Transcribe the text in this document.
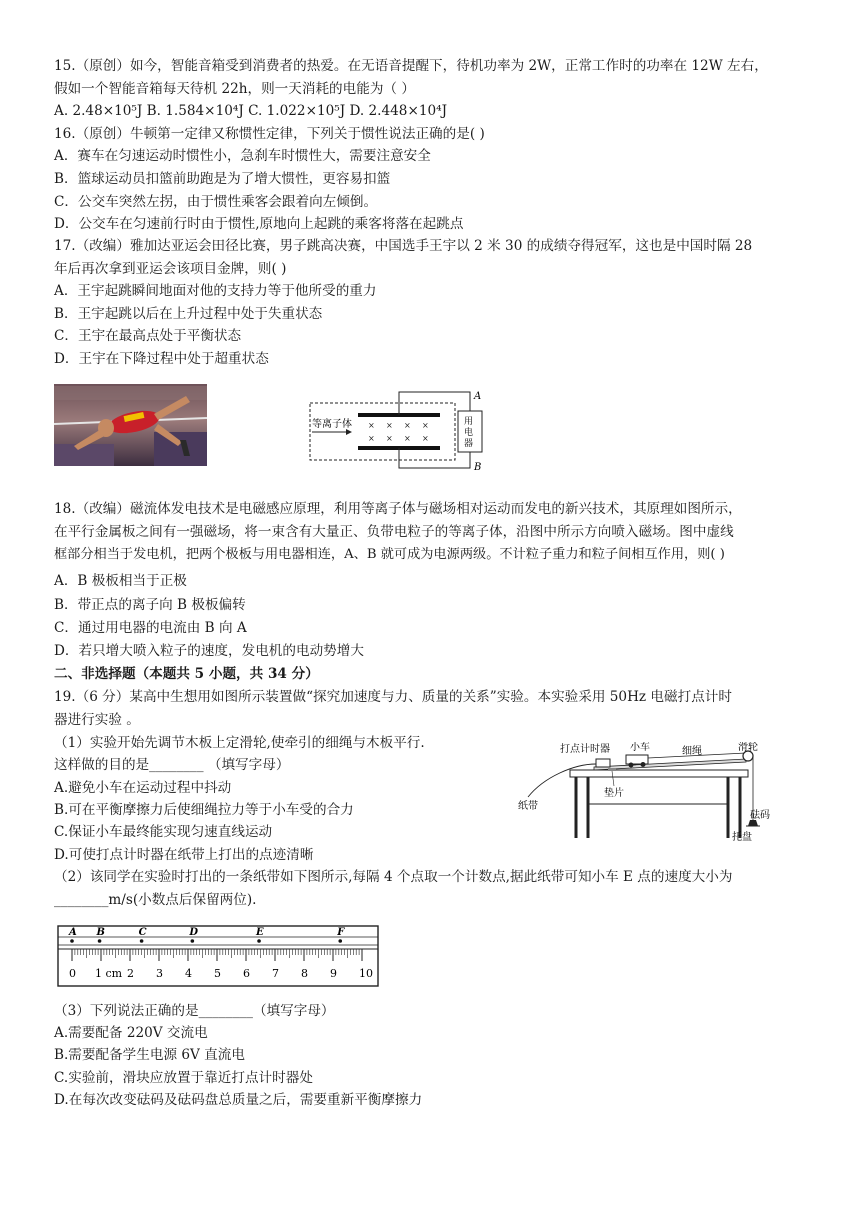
15.（原创）如今，智能音箱受到消费者的热爱。在无语音提醒下，待机功率为 2W，正常工作时的功率在 12W 左右，
假如一个智能音箱每天待机 22h，则一天消耗的电能为（ ）
A. 2.48×10⁵J B. 1.584×10⁴J C. 1.022×10⁵J D. 2.448×10⁴J
16.（原创）牛顿第一定律又称惯性定律，下列关于惯性说法正确的是( )
A．赛车在匀速运动时惯性小，急刹车时惯性大，需要注意安全
B．篮球运动员扣篮前助跑是为了增大惯性，更容易扣篮
C．公交车突然左拐，由于惯性乘客会跟着向左倾倒。
D．公交车在匀速前行时由于惯性,原地向上起跳的乘客将落在起跳点
17.（改编）雅加达亚运会田径比赛，男子跳高决赛，中国选手王宇以 2 米 30 的成绩夺得冠军，这也是中国时隔 28
年后再次拿到亚运会该项目金牌，则( )
A．王宇起跳瞬间地面对他的支持力等于他所受的重力
B．王宇起跳以后在上升过程中处于失重状态
C．王宇在最高点处于平衡状态
D．王宇在下降过程中处于超重状态
等离子体 × × × ×
× × × ×
用
电
器
A
B
18.（改编）磁流体发电技术是电磁感应原理，利用等离子体与磁场相对运动而发电的新兴技术，其原理如图所示，
在平行金属板之间有一强磁场，将一束含有大量正、负带电粒子的等离子体，沿图中所示方向喷入磁场。图中虚线
框部分相当于发电机，把两个极板与用电器相连，A、B 就可成为电源两级。不计粒子重力和粒子间相互作用，则( )
A．B 极板相当于正极
B．带正点的离子向 B 极板偏转
C．通过用电器的电流由 B 向 A
D．若只增大喷入粒子的速度，发电机的电动势增大
二、非选择题（本题共 5 小题，共 34 分）
19.（6 分）某高中生想用如图所示装置做“探究加速度与力、质量的关系”实验。本实验采用 50Hz 电磁打点计时
器进行实验 。
（1）实验开始先调节木板上定滑轮,使牵引的细绳与木板平行.
这样做的目的是________ （填写字母）
A.避免小车在运动过程中抖动
B.可在平衡摩擦力后使细绳拉力等于小车受的合力
C.保证小车最终能实现匀速直线运动
D.可使打点计时器在纸带上打出的点迹清晰
打点计时器 小车	细绳	滑轮
纸带
垫片
砝码
托盘
（2）该同学在实验时打出的一条纸带如下图所示,每隔 4 个点取一个计数点,据此纸带可知小车 E 点的速度大小为
________m/s(小数点后保留两位).
A B	C	D	E	F
0 1 cm 2 3 4 5 6 7 8 9 10
（3）下列说法正确的是________（填写字母）
A.需要配备 220V 交流电
B.需要配备学生电源 6V 直流电
C.实验前，滑块应放置于靠近打点计时器处
D.在每次改变砝码及砝码盘总质量之后，需要重新平衡摩擦力
